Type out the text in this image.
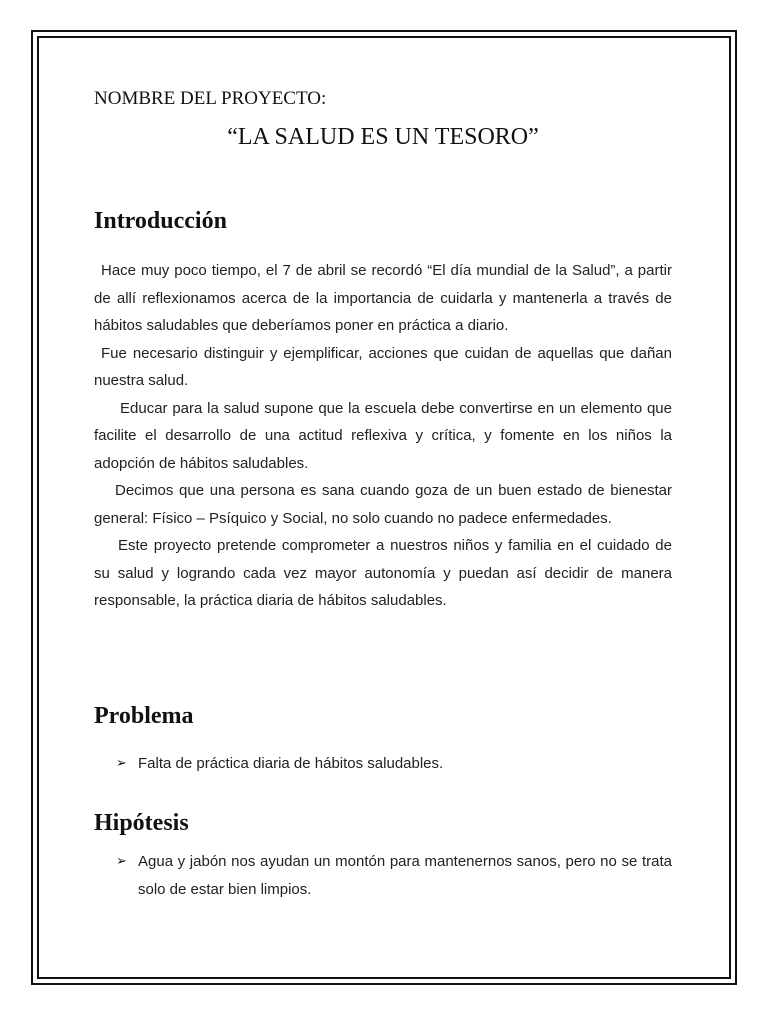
NOMBRE DEL PROYECTO:
“LA SALUD ES UN TESORO”
Introducción

Hace muy poco tiempo, el 7 de abril se recordó “El día mundial de la Salud”, a partir de allí reflexionamos acerca de la importancia de cuidarla y mantenerla a través de hábitos saludables que deberíamos poner en práctica a diario.

Fue necesario distinguir y ejemplificar, acciones que cuidan de aquellas que dañan nuestra salud.

Educar para la salud supone que la escuela debe convertirse en un elemento que facilite el desarrollo de una actitud reflexiva y crítica, y fomente en los niños la adopción de hábitos saludables.

Decimos que una persona es sana cuando goza de un buen estado de bienestar general: Físico – Psíquico y Social, no solo cuando no padece enfermedades.

Este proyecto pretende comprometer a nuestros niños y familia en el cuidado de su salud y logrando cada vez mayor autonomía y puedan así decidir de manera responsable, la práctica diaria de hábitos saludables.

Problema
➢ Falta de práctica diaria de hábitos saludables.
Hipótesis
➢ Agua y jabón nos ayudan un montón para mantenernos sanos, pero no se trata solo de estar bien limpios.
